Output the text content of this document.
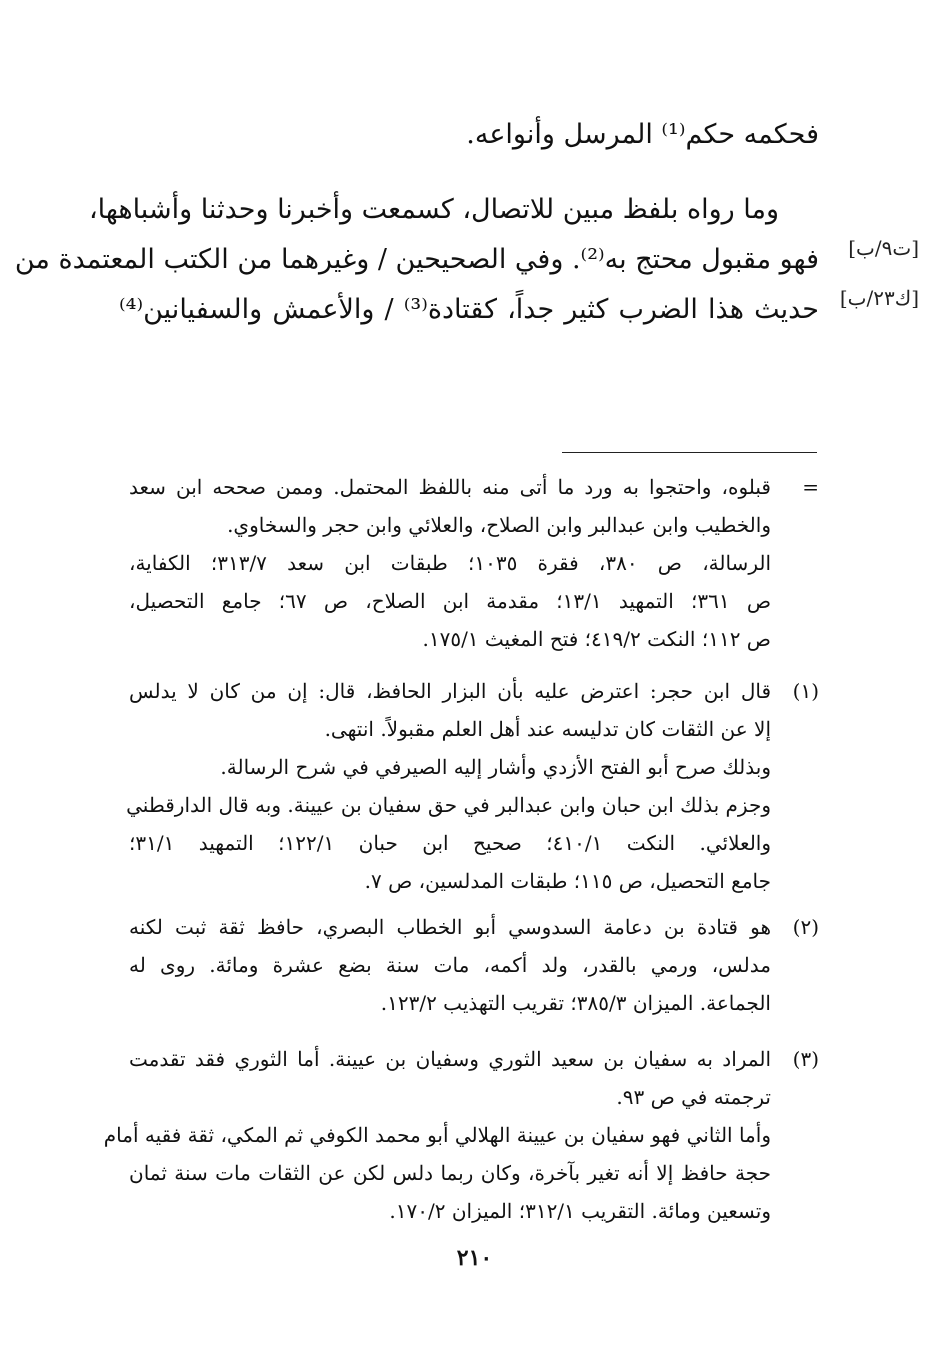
فحكمه حكم⁽¹⁾ المرسل وأنواعه.
وما رواه بلفظ مبين للاتصال، كسمعت وأخبرنا وحدثنا وأشباهها،
فهو مقبول محتج به⁽²⁾. وفي الصحيحين / وغيرهما من الكتب المعتمدة من
حديث هذا الضرب كثير جداً، كقتادة⁽³⁾ / والأعمش والسفيانين⁽⁴⁾
[ت٩/ب]
[ك٢٣/ب]
=
قبلوه، واحتجوا به ورد ما أتى منه باللفظ المحتمل. وممن صححه ابن سعد
والخطيب وابن عبدالبر وابن الصلاح، والعلائي وابن حجر والسخاوي.
الرسالة، ص ٣٨٠، فقرة ١٠٣٥؛ طبقات ابن سعد ٣١٣/٧؛ الكفاية،
ص ٣٦١؛ التمهيد ١٣/١؛ مقدمة ابن الصلاح، ص ٦٧؛ جامع التحصيل،
ص ١١٢؛ النكت ٤١٩/٢؛ فتح المغيث ١٧٥/١.
(١)
قال ابن حجر: اعترض عليه بأن البزار الحافظ، قال: إن من كان لا يدلس
إلا عن الثقات كان تدليسه عند أهل العلم مقبولاً. انتهى.
وبذلك صرح أبو الفتح الأزدي وأشار إليه الصيرفي في شرح الرسالة.
وجزم بذلك ابن حبان وابن عبدالبر في حق سفيان بن عيينة. وبه قال الدارقطني
والعلائي. النكت ٤١٠/١؛ صحيح ابن حبان ١٢٢/١؛ التمهيد ٣١/١؛
جامع التحصيل، ص ١١٥؛ طبقات المدلسين، ص ٧.
(٢)
هو قتادة بن دعامة السدوسي أبو الخطاب البصري، حافظ ثقة ثبت لكنه
مدلس، ورمي بالقدر، ولد أكمه، مات سنة بضع عشرة ومائة. روى له
الجماعة. الميزان ٣٨٥/٣؛ تقريب التهذيب ١٢٣/٢.
(٣)
المراد به سفيان بن سعيد الثوري وسفيان بن عيينة. أما الثوري فقد تقدمت
ترجمته في ص ٩٣.
وأما الثاني فهو سفيان بن عيينة الهلالي أبو محمد الكوفي ثم المكي، ثقة فقيه أمام
حجة حافظ إلا أنه تغير بآخرة، وكان ربما دلس لكن عن الثقات مات سنة ثمان
وتسعين ومائة. التقريب ٣١٢/١؛ الميزان ١٧٠/٢.
٢١٠
